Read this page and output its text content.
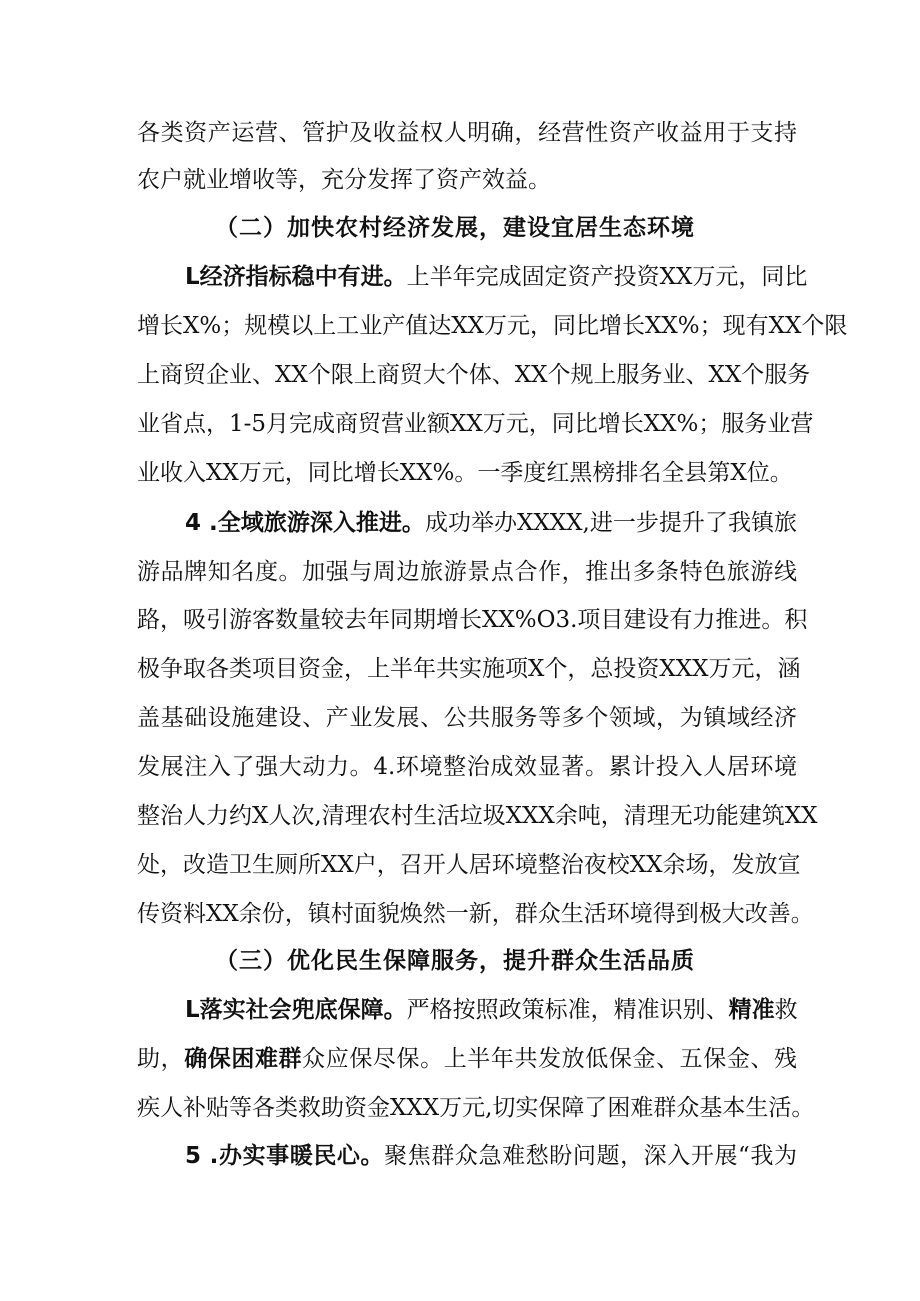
各类资产运营、管护及收益权人明确，经营性资产收益用于支持
农户就业增收等，充分发挥了资产效益。
（二）加快农村经济发展，建设宜居生态环境
L经济指标稳中有进。上半年完成固定资产投资XX万元，同比
增长X%；规模以上工业产值达XX万元，同比增长XX%；现有XX个限
上商贸企业、XX个限上商贸大个体、XX个规上服务业、XX个服务
业省点，1-5月完成商贸营业额XX万元，同比增长XX%；服务业营
业收入XX万元，同比增长XX%。一季度红黑榜排名全县第X位。
4 .全域旅游深入推进。成功举办XXXX,进一步提升了我镇旅
游品牌知名度。加强与周边旅游景点合作，推出多条特色旅游线
路，吸引游客数量较去年同期增长XX%O3.项目建设有力推进。积
极争取各类项目资金，上半年共实施项X个，总投资XXX万元，涵
盖基础设施建设、产业发展、公共服务等多个领域，为镇域经济
发展注入了强大动力。4.环境整治成效显著。累计投入人居环境
整治人力约X人次,清理农村生活垃圾XXX余吨，清理无功能建筑XX
处，改造卫生厕所XX户，召开人居环境整治夜校XX余场，发放宣
传资料XX余份，镇村面貌焕然一新，群众生活环境得到极大改善。
（三）优化民生保障服务，提升群众生活品质
L落实社会兜底保障。严格按照政策标准，精准识别、精准救
助，确保困难群众应保尽保。上半年共发放低保金、五保金、残
疾人补贴等各类救助资金XXX万元,切实保障了困难群众基本生活。
5 .办实事暖民心。聚焦群众急难愁盼问题，深入开展“我为
